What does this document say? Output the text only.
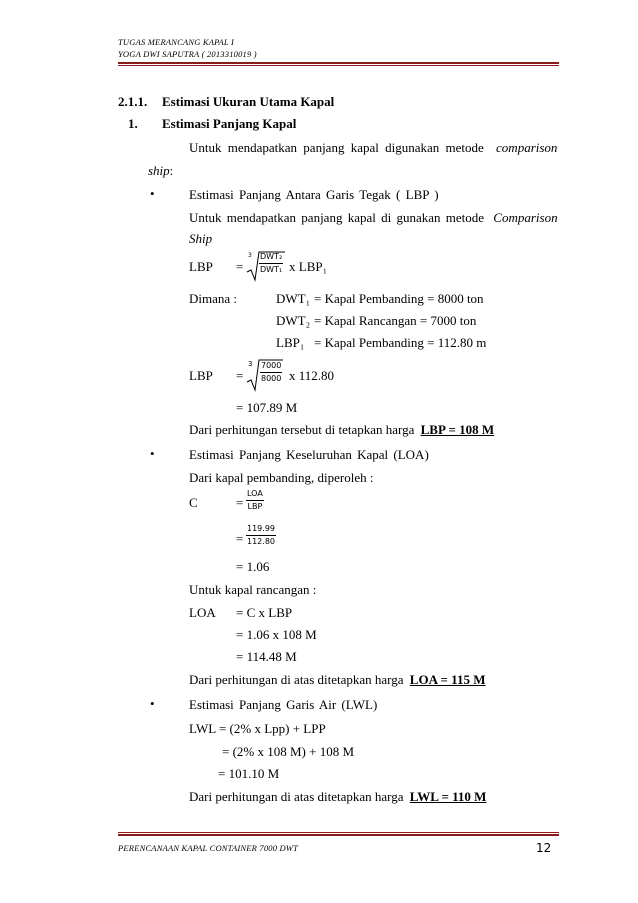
TUGAS MERANCANG KAPAL I
YOGA DWI SAPUTRA ( 2013310019 )
2.1.1. Estimasi Ukuran Utama Kapal
1. Estimasi Panjang Kapal
Untuk mendapatkan panjang kapal digunakan metode comparison
ship:
•	Estimasi Panjang Antara Garis Tegak ( LBP )
Untuk mendapatkan panjang kapal di gunakan metode Comparison
Ship
LBP =
3 DWT₂
DWT₁ x LBP₁
Dimana :	DWT₁ = Kapal Pembanding = 8000 ton
DWT₂ = Kapal Rancangan = 7000 ton
LBP₁ = Kapal Pembanding = 112.80 m
LBP =
$3 \frac{7000}{8000}$ x 112.80
= 107.89 M
Dari perhitungan tersebut di tetapkan harga LBP = 108 M
•	Estimasi Panjang Keseluruhan Kapal (LOA)
Dari kapal pembanding, diperoleh :
C	=
LOA
LBP
= $\frac{119.99}{112.80}$
= 1.06
Untuk kapal rancangan :
LOA = C x LBP
= 1.06 x 108 M
= 114.48 M
Dari perhitungan di atas ditetapkan harga LOA = 115 M
•	Estimasi Panjang Garis Air (LWL)
LWL = (2% x Lpp) + LPP
= (2% x 108 M) + 108 M
= 101.10 M
Dari perhitungan di atas ditetapkan harga LWL = 110 M
PERENCANAAN KAPAL CONTAINER 7000 DWT	12
